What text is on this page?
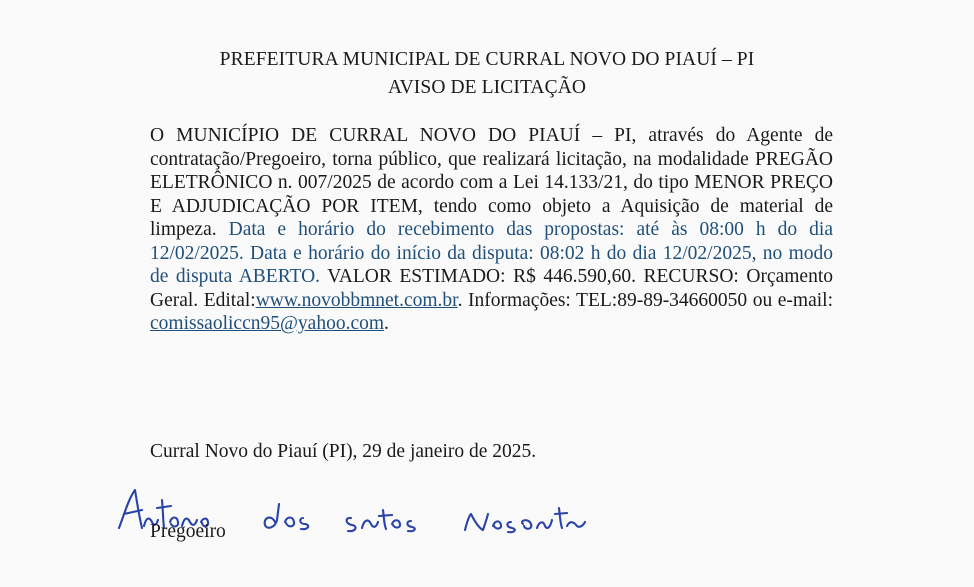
PREFEITURA MUNICIPAL DE CURRAL NOVO DO PIAUÍ – PI
AVISO DE LICITAÇÃO
O MUNICÍPIO DE CURRAL NOVO DO PIAUÍ – PI, através do Agente de contratação/Pregoeiro, torna público, que realizará licitação, na modalidade PREGÃO ELETRÔNICO n. 007/2025 de acordo com a Lei 14.133/21, do tipo MENOR PREÇO E ADJUDICAÇÃO POR ITEM, tendo como objeto a Aquisição de material de limpeza. Data e horário do recebimento das propostas: até às 08:00 h do dia 12/02/2025. Data e horário do início da disputa: 08:02 h do dia 12/02/2025, no modo de disputa ABERTO. VALOR ESTIMADO: R$ 446.590,60. RECURSO: Orçamento Geral. Edital:www.novobbmnet.com.br. Informações: TEL:89-89-34660050 ou e-mail: comissaoliccn95@yahoo.com.
Curral Novo do Piauí (PI), 29 de janeiro de 2025.
Pregoeiro
